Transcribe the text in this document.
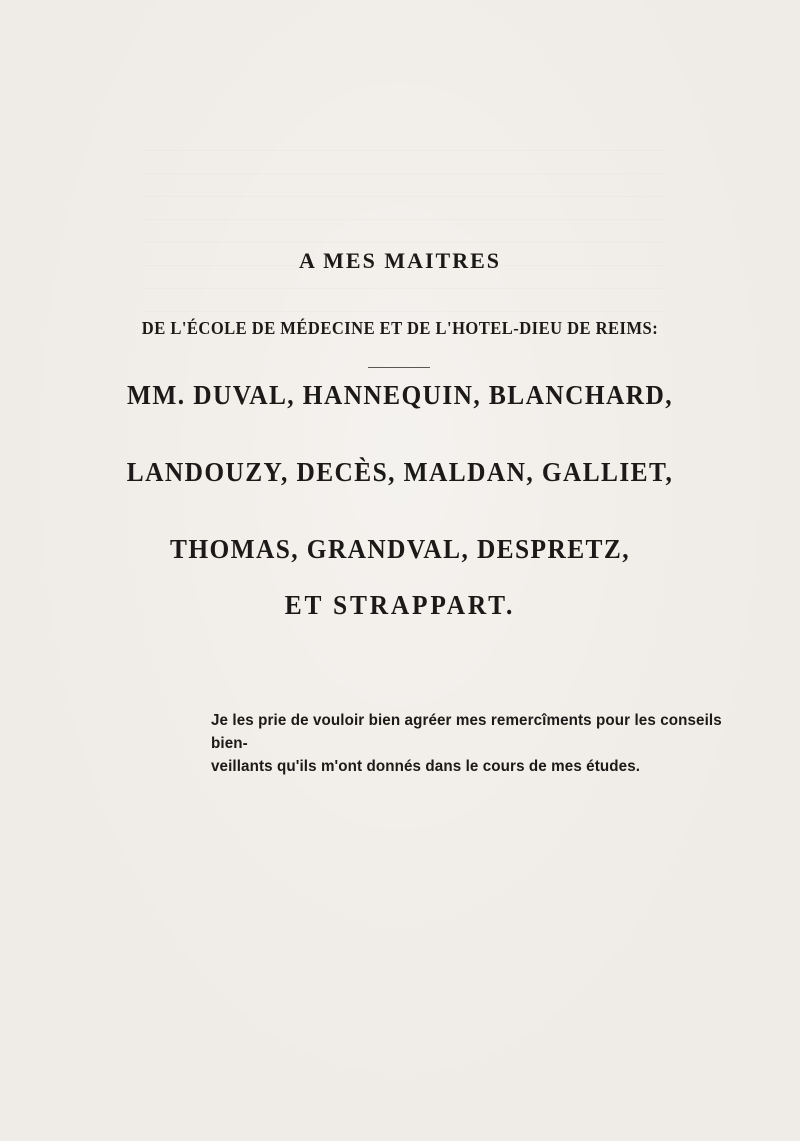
A MES MAITRES
DE L'ÉCOLE DE MÉDECINE ET DE L'HOTEL-DIEU DE REIMS:
MM. DUVAL, HANNEQUIN, BLANCHARD,
LANDOUZY, DECÈS, MALDAN, GALLIET,
THOMAS, GRANDVAL, DESPRETZ,
ET STRAPPART.
Je les prie de vouloir bien agréer mes remercîments pour les conseils bien-
veillants qu'ils m'ont donnés dans le cours de mes études.
